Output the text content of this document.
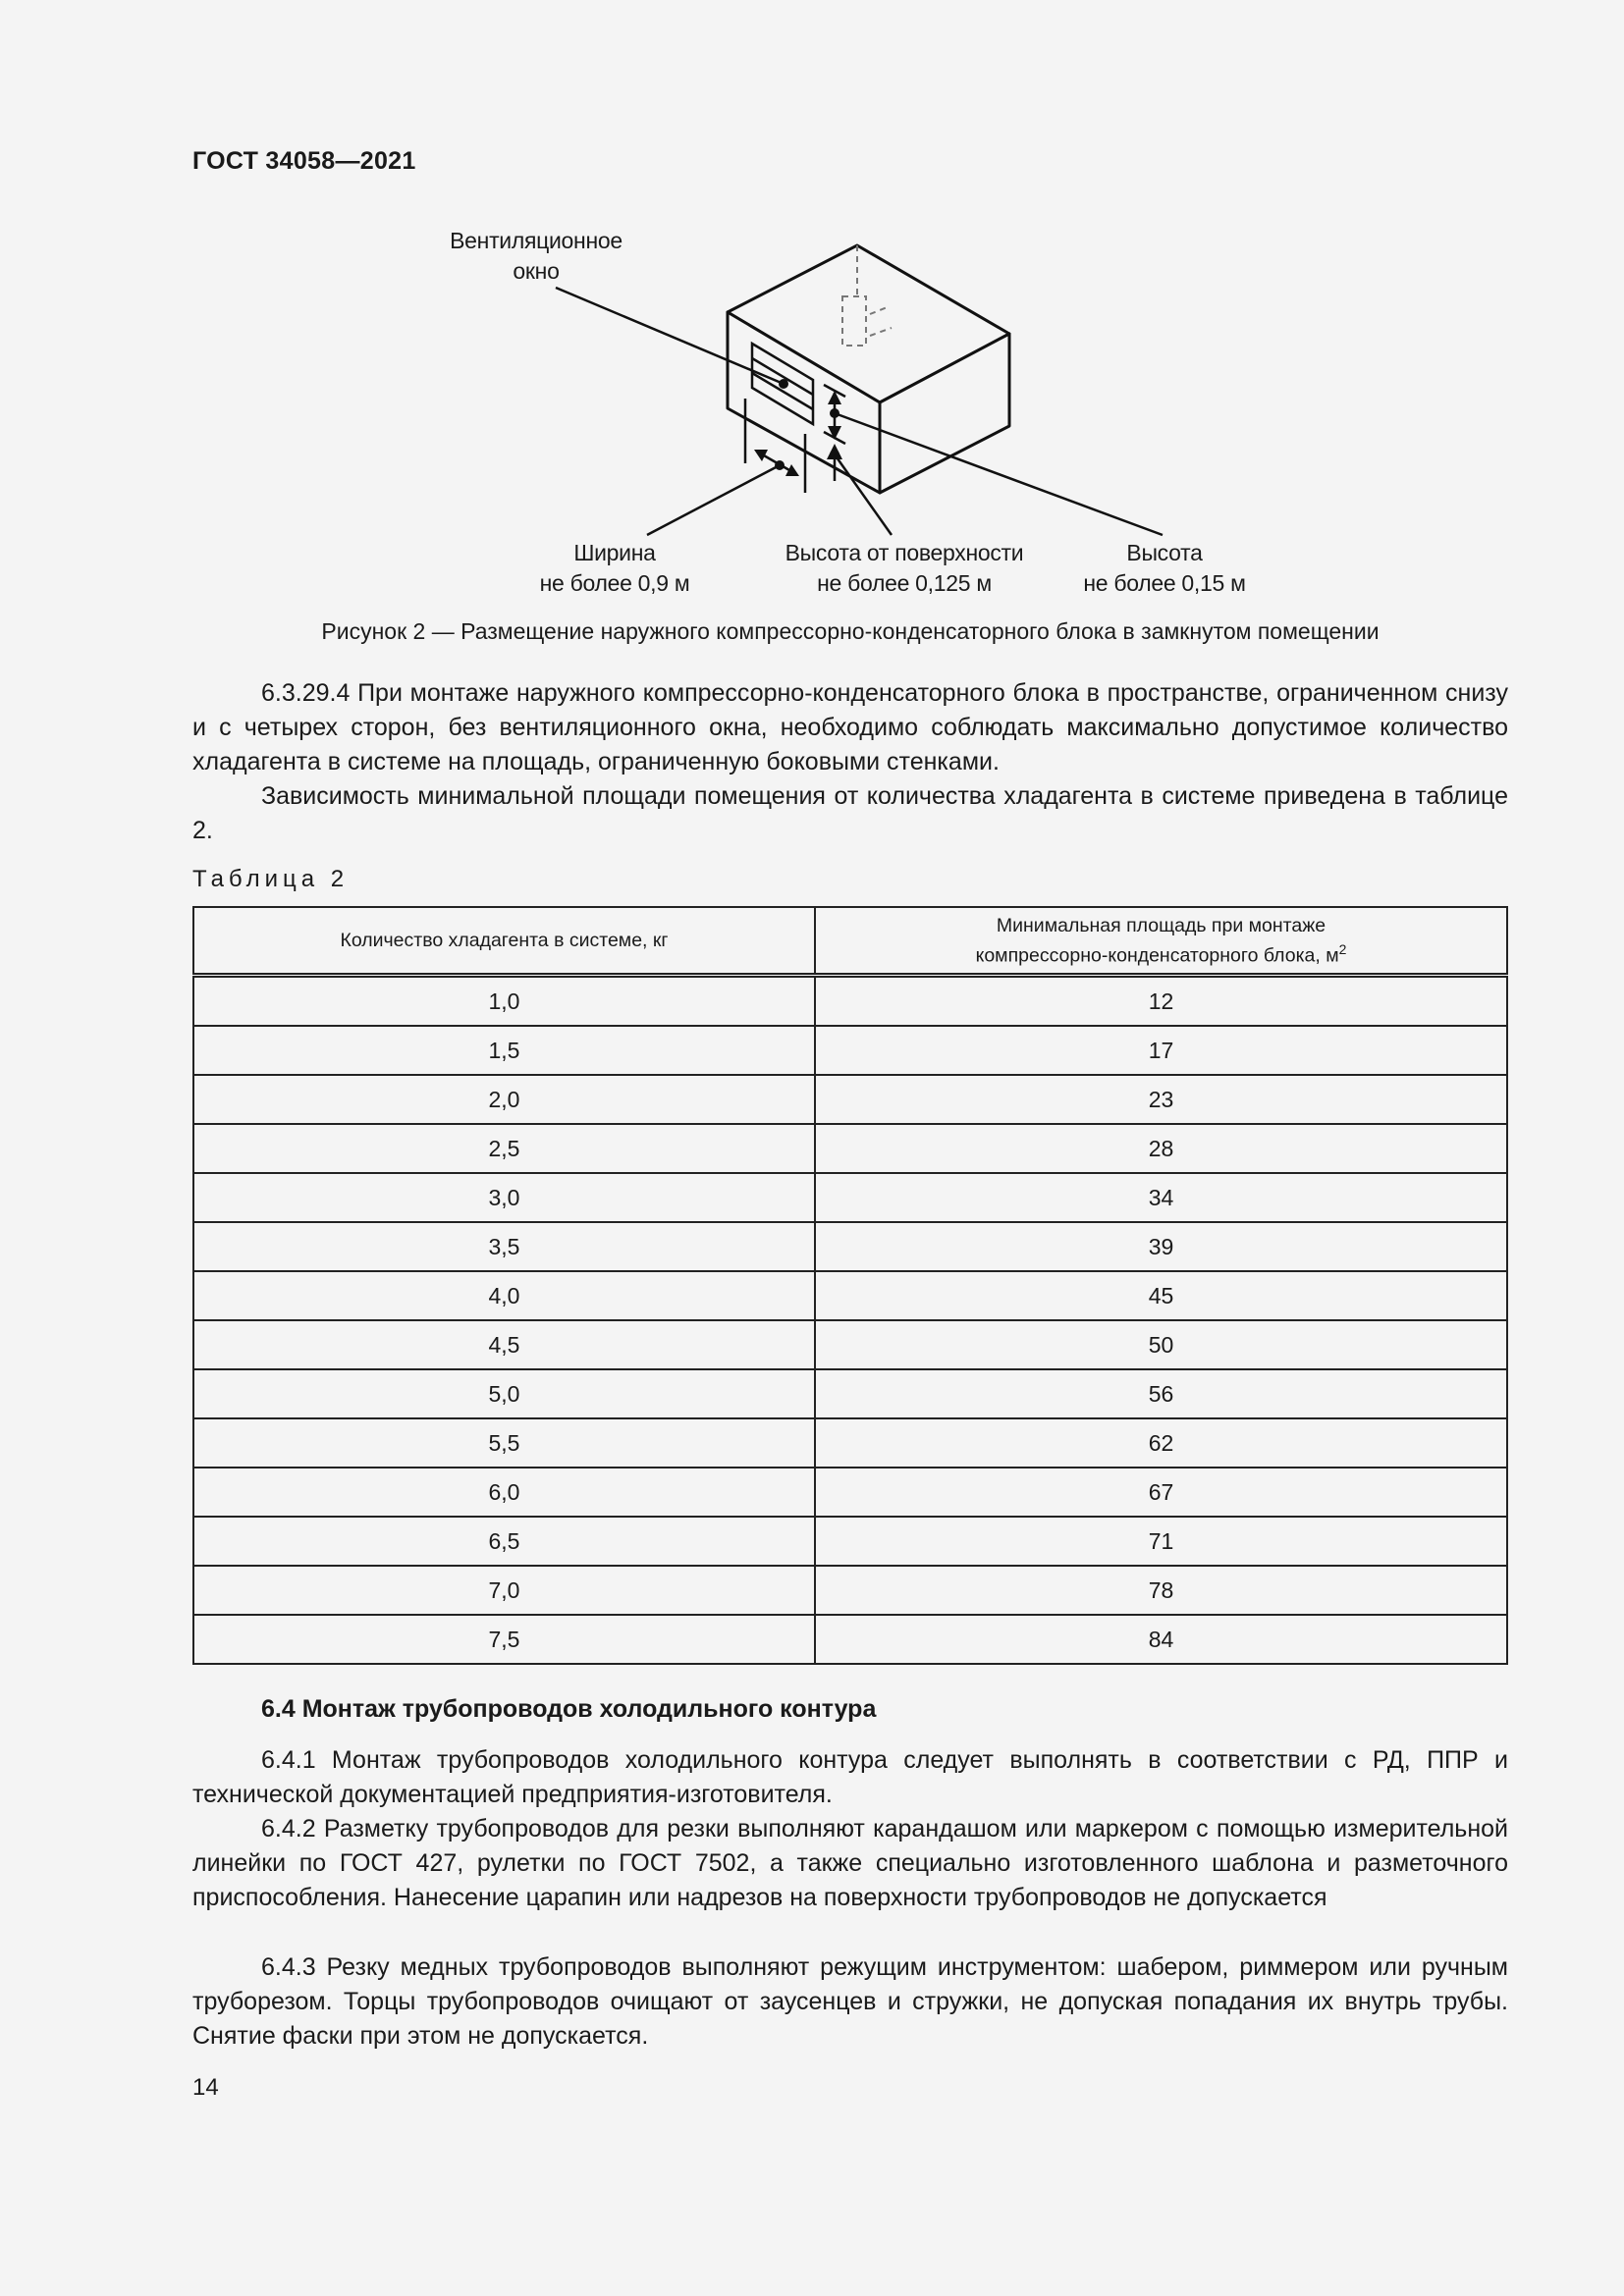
ГОСТ 34058—2021
Вентиляционное
окно
Ширина
не более 0,9 м
Высота от поверхности
не более 0,125 м
Высота
не более 0,15 м
Рисунок 2 — Размещение наружного компрессорно-конденсаторного блока в замкнутом помещении
6.3.29.4 При монтаже наружного компрессорно-конденсаторного блока в пространстве, ограниченном снизу и с четырех сторон, без вентиляционного окна, необходимо соблюдать максимально допустимое количество хладагента в системе на площадь, ограниченную боковыми стенками.
Зависимость минимальной площади помещения от количества хладагента в системе приведена в таблице 2.
Таблица 2
Количество хладагента в системе, кг	Минимальная площадь при монтаже
компрессорно-конденсаторного блока, $м^2$
1,0	12
1,5	17
2,0	23
2,5	28
3,0	34
3,5	39
4,0	45
4,5	50
5,0	56
5,5	62
6,0	67
6,5	71
7,0	78
7,5	84
6.4 Монтаж трубопроводов холодильного контура
6.4.1 Монтаж трубопроводов холодильного контура следует выполнять в соответствии с РД, ППР и технической документацией предприятия-изготовителя.
6.4.2 Разметку трубопроводов для резки выполняют карандашом или маркером с помощью измерительной линейки по ГОСТ 427, рулетки по ГОСТ 7502, а также специально изготовленного шаблона и разметочного приспособления. Нанесение царапин или надрезов на поверхности трубопроводов не допускается
6.4.3 Резку медных трубопроводов выполняют режущим инструментом: шабером, риммером или ручным труборезом. Торцы трубопроводов очищают от заусенцев и стружки, не допуская попадания их внутрь трубы. Снятие фаски при этом не допускается.
14
